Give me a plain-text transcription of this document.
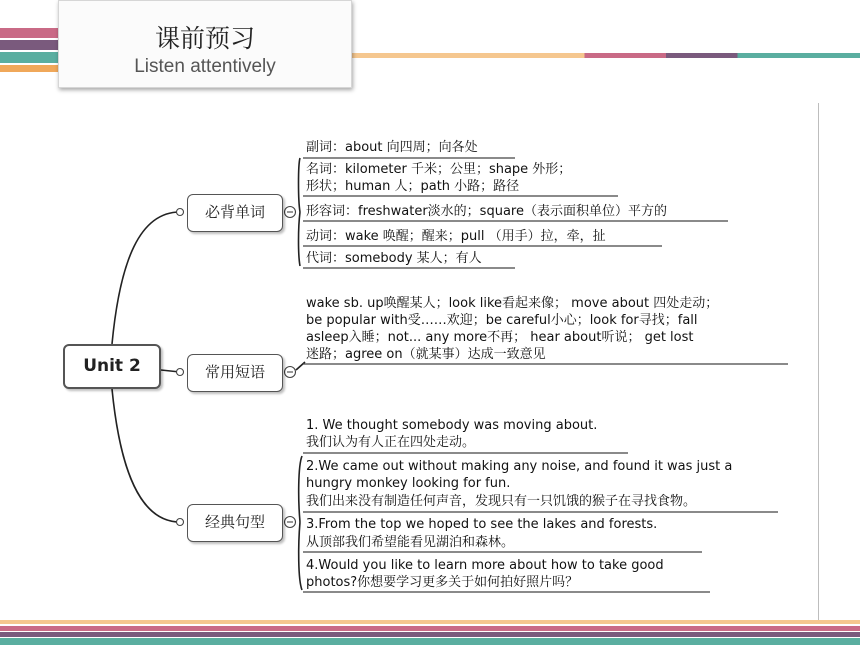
课前预习
Listen attentively
Unit 2
必背单词
常用短语
经典句型
副词：about 向四周；向各处
名词：kilometer 千米；公里；shape 外形；
形状；human 人；path 小路；路径
形容词：freshwater淡水的；square（表示面积单位）平方的
动词：wake 唤醒；醒来；pull （用手）拉，牵，扯
代词：somebody 某人；有人
wake sb. up唤醒某人；look like看起来像； move about 四处走动；
be popular with受……欢迎；be careful小心；look for寻找；fall
asleep入睡；not... any more不再； hear about听说； get lost
迷路；agree on（就某事）达成一致意见
1. We thought somebody was moving about.
我们认为有人正在四处走动。
2.We came out without making any noise, and found it was just a
hungry monkey looking for fun.
我们出来没有制造任何声音，发现只有一只饥饿的猴子在寻找食物。
3.From the top we hoped to see the lakes and forests.
从顶部我们希望能看见湖泊和森林。
4.Would you like to learn more about how to take good
photos?你想要学习更多关于如何拍好照片吗？
